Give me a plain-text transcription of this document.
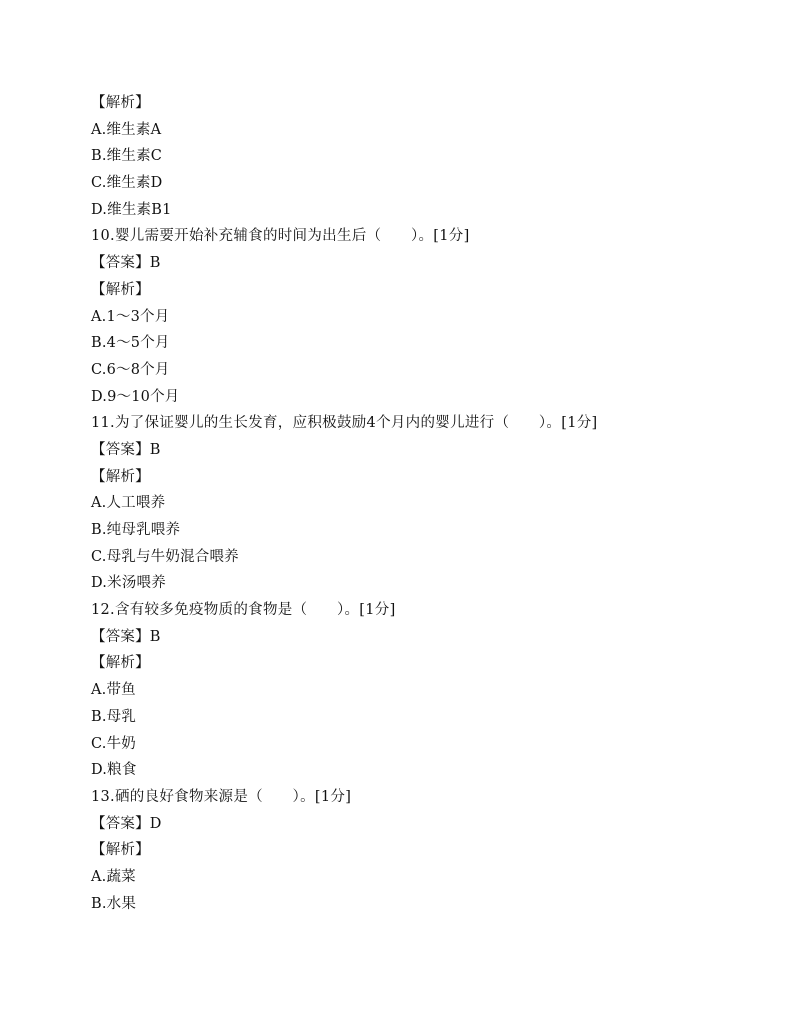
【解析】
A.维生素A
B.维生素C
C.维生素D
D.维生素B1
10.婴儿需要开始补充辅食的时间为出生后（　　）。[1分]
【答案】B
【解析】
A.1～3个月
B.4～5个月
C.6～8个月
D.9～10个月
11.为了保证婴儿的生长发育，应积极鼓励4个月内的婴儿进行（　　）。[1分]
【答案】B
【解析】
A.人工喂养
B.纯母乳喂养
C.母乳与牛奶混合喂养
D.米汤喂养
12.含有较多免疫物质的食物是（　　）。[1分]
【答案】B
【解析】
A.带鱼
B.母乳
C.牛奶
D.粮食
13.硒的良好食物来源是（　　）。[1分]
【答案】D
【解析】
A.蔬菜
B.水果
